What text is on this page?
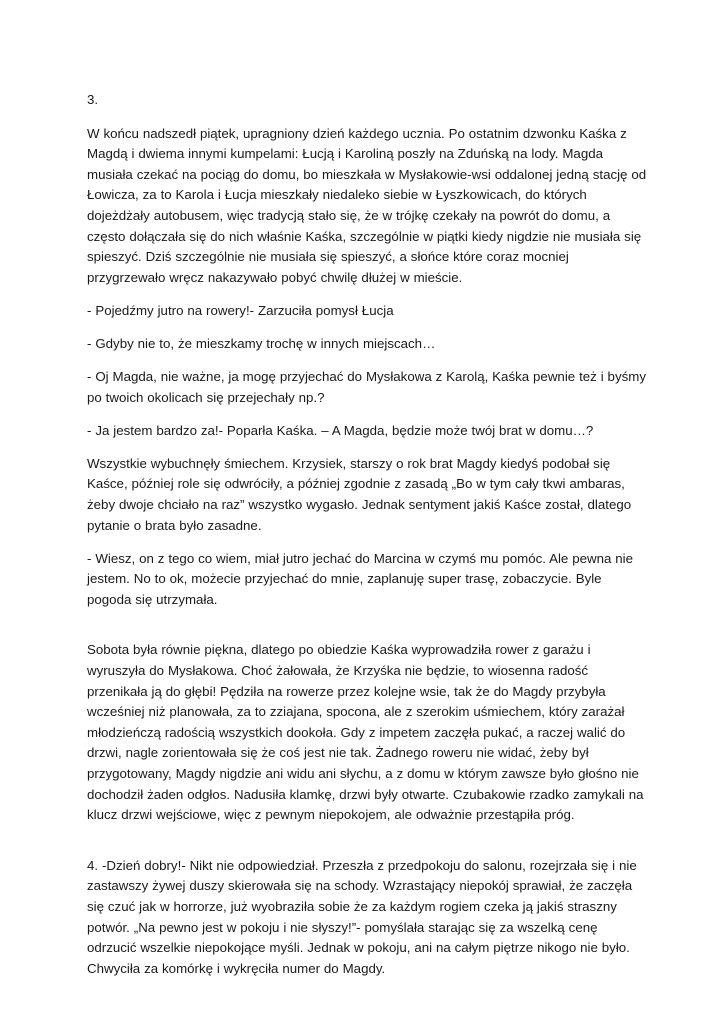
3.

W końcu nadszedł piątek, upragniony dzień każdego ucznia. Po ostatnim dzwonku Kaśka z Magdą i dwiema innymi kumpelami: Łucją i Karoliną poszły na Zduńską na lody. Magda musiała czekać na pociąg do domu, bo mieszkała w Mysłakowie-wsi oddalonej jedną stację od Łowicza, za to Karola i Łucja mieszkały niedaleko siebie w Łyszkowicach, do których dojeżdżały autobusem, więc tradycją stało się, że w trójkę czekały na powrót do domu, a często dołączała się do nich właśnie Kaśka, szczególnie w piątki kiedy nigdzie nie musiała się spieszyć. Dziś szczególnie nie musiała się spieszyć, a słońce które coraz mocniej przygrzewało wręcz nakazywało pobyć chwilę dłużej w mieście.

- Pojedźmy jutro na rowery!- Zarzuciła pomysł Łucja

- Gdyby nie to, że mieszkamy trochę w innych miejscach…

- Oj Magda, nie ważne, ja mogę przyjechać do Mysłakowa z Karolą, Kaśka pewnie też i byśmy po twoich okolicach się przejechały np.?

- Ja jestem bardzo za!- Poparła Kaśka. – A Magda, będzie może twój brat w domu…?

Wszystkie wybuchnęły śmiechem. Krzysiek, starszy o rok brat Magdy kiedyś podobał się Kaśce, później role się odwróciły, a później zgodnie z zasadą „Bo w tym cały tkwi ambaras, żeby dwoje chciało na raz” wszystko wygasło. Jednak sentyment jakiś Kaśce został, dlatego pytanie o brata było zasadne.

- Wiesz, on z tego co wiem, miał jutro jechać do Marcina w czymś mu pomóc. Ale pewna nie jestem. No to ok, możecie przyjechać do mnie, zaplanuję super trasę, zobaczycie. Byle pogoda się utrzymała.

Sobota była równie piękna, dlatego po obiedzie Kaśka wyprowadziła rower z garażu i wyruszyła do Mysłakowa. Choć żałowała, że Krzyśka nie będzie, to wiosenna radość przenikała ją do głębi! Pędziła na rowerze przez kolejne wsie, tak że do Magdy przybyła wcześniej niż planowała, za to zziajana, spocona, ale z szerokim uśmiechem, który zarażał młodzieńczą radością wszystkich dookoła. Gdy z impetem zaczęła pukać, a raczej walić do drzwi, nagle zorientowała się że coś jest nie tak. Żadnego roweru nie widać, żeby był przygotowany, Magdy nigdzie ani widu ani słychu, a z domu w którym zawsze było głośno nie dochodził żaden odgłos. Nadusiła klamkę, drzwi były otwarte. Czubakowie rzadko zamykali na klucz drzwi wejściowe, więc z pewnym niepokojem, ale odważnie przestąpiła próg.

4. -Dzień dobry!- Nikt nie odpowiedział. Przeszła z przedpokoju do salonu, rozejrzała się i nie zastawszy żywej duszy skierowała się na schody. Wzrastający niepokój sprawiał, że zaczęła się czuć jak w horrorze, już wyobraziła sobie że za każdym rogiem czeka ją jakiś straszny potwór. „Na pewno jest w pokoju i nie słyszy!”- pomyślała starając się za wszelką cenę odrzucić wszelkie niepokojące myśli. Jednak w pokoju, ani na całym piętrze nikogo nie było. Chwyciła za komórkę i wykręciła numer do Magdy.
